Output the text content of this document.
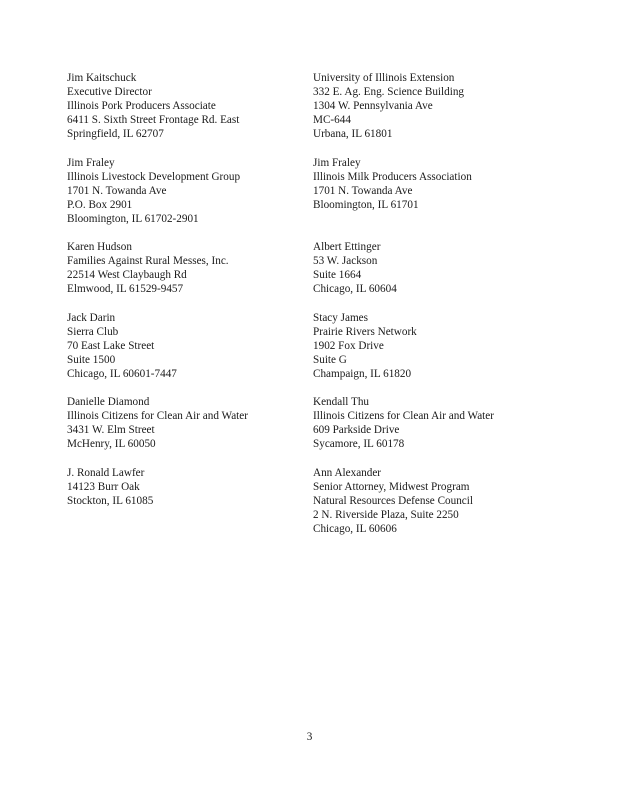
Jim Kaitschuck
Executive Director
Illinois Pork Producers Associate
6411 S. Sixth Street Frontage Rd. East
Springfield, IL 62707
Jim Fraley
Illinois Livestock Development Group
1701 N. Towanda Ave
P.O. Box 2901
Bloomington, IL 61702-2901
Karen Hudson
Families Against Rural Messes, Inc.
22514 West Claybaugh Rd
Elmwood, IL 61529-9457
Jack Darin
Sierra Club
70 East Lake Street
Suite 1500
Chicago, IL 60601-7447
Danielle Diamond
Illinois Citizens for Clean Air and Water
3431 W. Elm Street
McHenry, IL 60050
J. Ronald Lawfer
14123 Burr Oak
Stockton, IL 61085
University of Illinois Extension
332 E. Ag. Eng. Science Building
1304 W. Pennsylvania Ave
MC-644
Urbana, IL 61801
Jim Fraley
Illinois Milk Producers Association
1701 N. Towanda Ave
Bloomington, IL 61701
Albert Ettinger
53 W. Jackson
Suite 1664
Chicago, IL 60604
Stacy James
Prairie Rivers Network
1902 Fox Drive
Suite G
Champaign, IL 61820
Kendall Thu
Illinois Citizens for Clean Air and Water
609 Parkside Drive
Sycamore, IL 60178
Ann Alexander
Senior Attorney, Midwest Program
Natural Resources Defense Council
2 N. Riverside Plaza, Suite 2250
Chicago, IL 60606
3
